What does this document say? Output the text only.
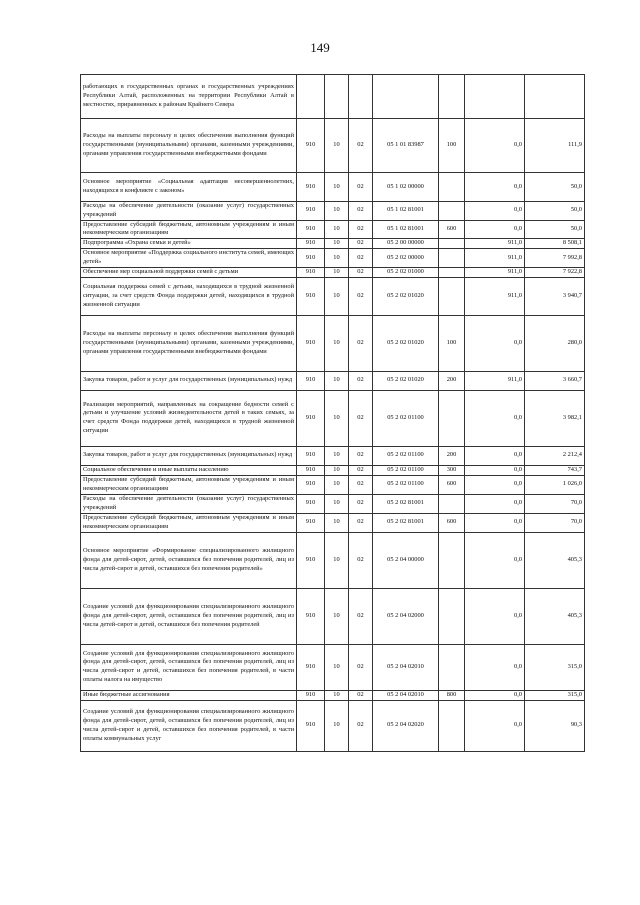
149
работающих в государственных органах и государственных учреждениях Республики Алтай, расположенных на территории Республики Алтай в местностях, приравненных к районам Крайнего Севера							
Расходы на выплаты персоналу в целях обеспечения выполнения функций государственными (муниципальными) органами, казенными учреждениями, органами управления государственными внебюджетными фондами	910	10	02	05 1 01 83987	100	0,0	111,9
Основное мероприятие «Социальная адаптация несовершеннолетних, находящихся в конфликте с законом»	910	10	02	05 1 02 00000		0,0	50,0
Расходы на обеспечение деятельности (оказание услуг) государственных учреждений	910	10	02	05 1 02 81001		0,0	50,0
Предоставление субсидий бюджетным, автономным учреждениям и иным некоммерческим организациям	910	10	02	05 1 02 81001	600	0,0	50,0
Подпрограмма «Охрана семьи и детей»	910	10	02	05 2 00 00000		911,0	8 508,1
Основное мероприятие «Поддержка социального института семей, имеющих детей»	910	10	02	05 2 02 00000		911,0	7 992,8
Обеспечение мер социальной поддержки семей с детьми	910	10	02	05 2 02 01000		911,0	7 922,8
Социальная поддержка семей с детьми, находящихся в трудной жизненной ситуации, за счет средств Фонда поддержки детей, находящихся в трудной жизненной ситуации	910	10	02	05 2 02 01020		911,0	3 940,7
Расходы на выплаты персоналу в целях обеспечения выполнения функций государственными (муниципальными) органами, казенными учреждениями, органами управления государственными внебюджетными фондами	910	10	02	05 2 02 01020	100	0,0	280,0
Закупка товаров, работ и услуг для государственных (муниципальных) нужд	910	10	02	05 2 02 01020	200	911,0	3 660,7
Реализация мероприятий, направленных на сокращение бедности семей с детьми и улучшение условий жизнедеятельности детей в таких семьях, за счет средств Фонда поддержки детей, находящихся в трудной жизненной ситуации	910	10	02	05 2 02 01100		0,0	3 982,1
Закупка товаров, работ и услуг для государственных (муниципальных) нужд	910	10	02	05 2 02 01100	200	0,0	2 212,4
Социальное обеспечение и иные выплаты населению	910	10	02	05 2 02 01100	300	0,0	743,7
Предоставление субсидий бюджетным, автономным учреждениям и иным некоммерческим организациям	910	10	02	05 2 02 01100	600	0,0	1 026,0
Расходы на обеспечение деятельности (оказание услуг) государственных учреждений	910	10	02	05 2 02 81001		0,0	70,0
Предоставление субсидий бюджетным, автономным учреждениям и иным некоммерческим организациям	910	10	02	05 2 02 81001	600	0,0	70,0
Основное мероприятие «Формирование специализированного жилищного фонда для детей-сирот, детей, оставшихся без попечения родителей, лиц из числа детей-сирот и детей, оставшихся без попечения родителей»	910	10	02	05 2 04 00000		0,0	405,3
Создание условий для функционирования специализированного жилищного фонда для детей-сирот, детей, оставшихся без попечения родителей, лиц из числа детей-сирот и детей, оставшихся без попечения родителей	910	10	02	05 2 04 02000		0,0	405,3
Создание условий для функционирования специализированного жилищного фонда для детей-сирот, детей, оставшихся без попечения родителей, лиц из числа детей-сирот и детей, оставшихся без попечения родителей, в части оплаты налога на имущество	910	10	02	05 2 04 02010		0,0	315,0
Иные бюджетные ассигнования	910	10	02	05 2 04 02010	800	0,0	315,0
Создание условий для функционирования специализированного жилищного фонда для детей-сирот, детей, оставшихся без попечения родителей, лиц из числа детей-сирот и детей, оставшихся без попечения родителей, в части оплаты коммунальных услуг	910	10	02	05 2 04 02020		0,0	90,3
